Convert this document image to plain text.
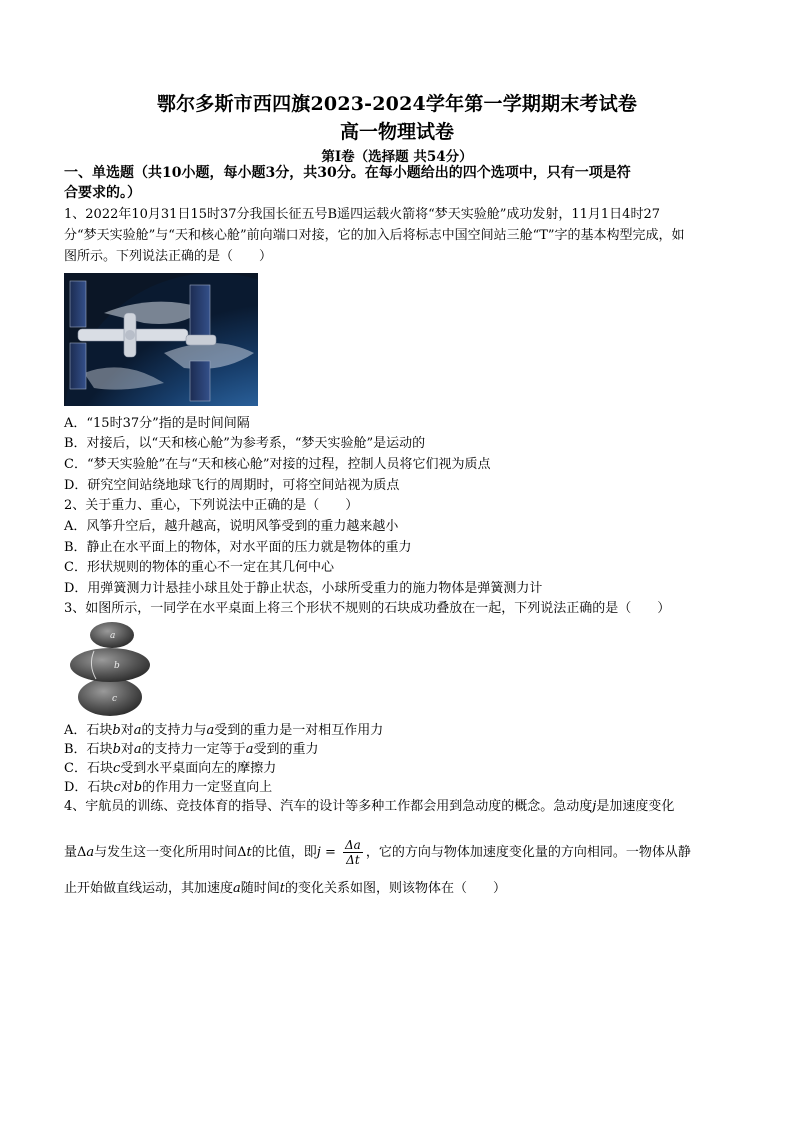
鄂尔多斯市西四旗2023-2024学年第一学期期末考试卷
高一物理试卷
第Ⅰ卷（选择题 共54分）
一、单选题（共10小题，每小题3分，共30分。在每小题给出的四个选项中，只有一项是符
合要求的。）
1、2022年10月31日15时37分我国长征五号B遥四运载火箭将“梦天实验舱”成功发射，11月1日4时27
分“梦天实验舱”与“天和核心舱”前向端口对接，它的加入后将标志中国空间站三舱“T”字的基本构型完成，如
图所示。下列说法正确的是（　　）
A．“15时37分”指的是时间间隔
B．对接后，以“天和核心舱”为参考系，“梦天实验舱”是运动的
C．“梦天实验舱”在与“天和核心舱”对接的过程，控制人员将它们视为质点
D．研究空间站绕地球飞行的周期时，可将空间站视为质点
2、关于重力、重心，下列说法中正确的是（　　）
A．风筝升空后，越升越高，说明风筝受到的重力越来越小
B．静止在水平面上的物体，对水平面的压力就是物体的重力
C．形状规则的物体的重心不一定在其几何中心
D．用弹簧测力计悬挂小球且处于静止状态，小球所受重力的施力物体是弹簧测力计
3、如图所示，一同学在水平桌面上将三个形状不规则的石块成功叠放在一起，下列说法正确的是（　　）
a
b
c
A．石块b对a的支持力与a受到的重力是一对相互作用力
B．石块b对a的支持力一定等于a受到的重力
C．石块c受到水平桌面向左的摩擦力
D．石块c对b的作用力一定竖直向上
4、宇航员的训练、竞技体育的指导、汽车的设计等多种工作都会用到急动度的概念。急动度j是加速度变化
量Δa与发生这一变化所用时间Δt的比值，即$j = \frac{\Delta a}{\Delta t}$ ，它的方向与物体加速度变化量的方向相同。一物体从静
止开始做直线运动，其加速度a随时间t的变化关系如图，则该物体在（　　）
